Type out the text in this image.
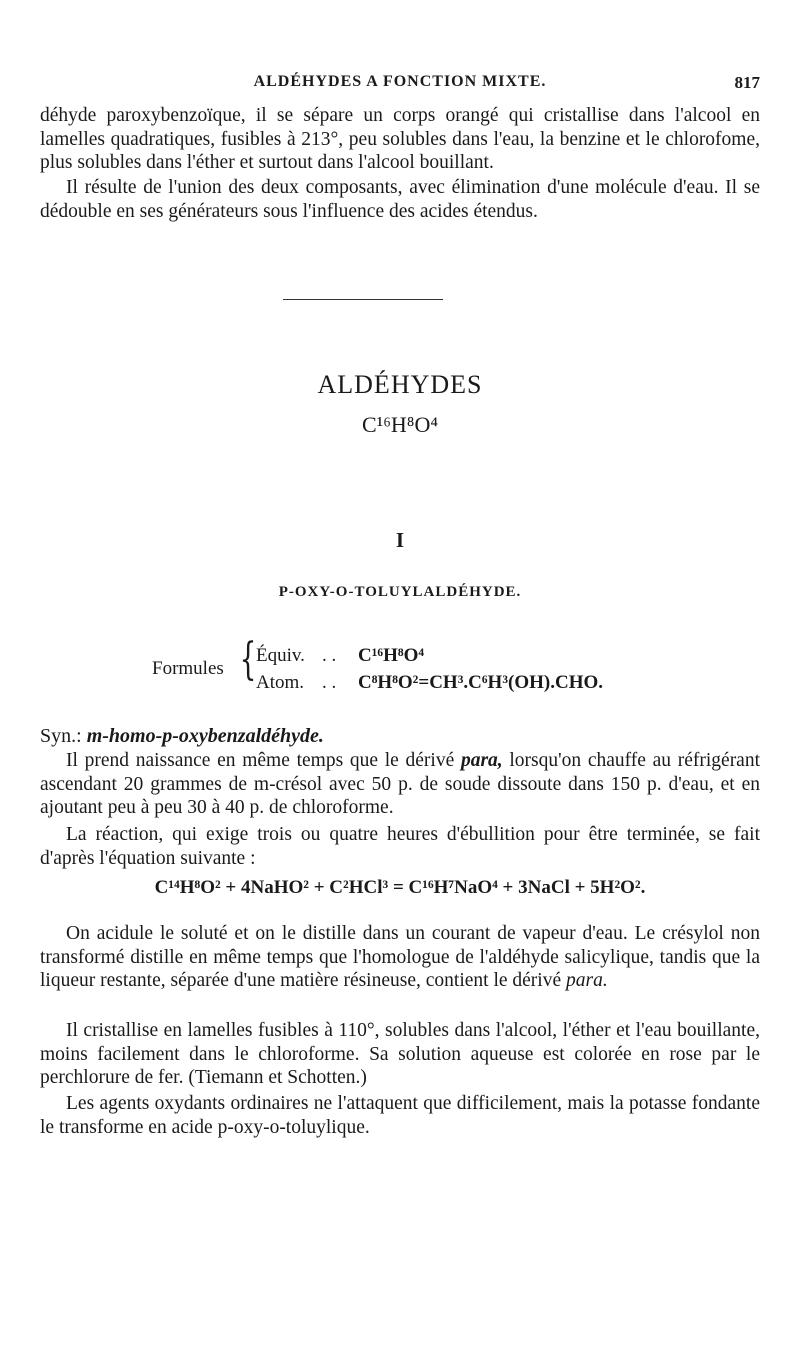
ALDÉHYDES A FONCTION MIXTE.	817

déhyde paroxybenzoïque, il se sépare un corps orangé qui cristallise dans l'alcool en lamelles quadratiques, fusibles à 213°, peu solubles dans l'eau, la benzine et le chlorofome, plus solubles dans l'éther et surtout dans l'alcool bouillant.

Il résulte de l'union des deux composants, avec élimination d'une molécule d'eau. Il se dédouble en ses générateurs sous l'influence des acides étendus.

ALDÉHYDES
C¹⁶H⁸O⁴
I
P-OXY-O-TOLUYLALDÉHYDE.
Formules { Équiv. . . C¹⁶H⁸O⁴
Atom. . . C⁸H⁸O²=CH³.C⁶H³(OH).CHO.
Syn.: m-homo-p-oxybenzaldéhyde.

Il prend naissance en même temps que le dérivé para, lorsqu'on chauffe au réfrigérant ascendant 20 grammes de m-crésol avec 50 p. de soude dissoute dans 150 p. d'eau, et en ajoutant peu à peu 30 à 40 p. de chloroforme.

La réaction, qui exige trois ou quatre heures d'ébullition pour être terminée, se fait d'après l'équation suivante :

C¹⁴H⁸O² + 4NaHO² + C²HCl³ = C¹⁶H⁷NaO⁴ + 3NaCl + 5H²O².

On acidule le soluté et on le distille dans un courant de vapeur d'eau. Le crésylol non transformé distille en même temps que l'homologue de l'aldéhyde salicylique, tandis que la liqueur restante, séparée d'une matière résineuse, contient le dérivé para.

Il cristallise en lamelles fusibles à 110°, solubles dans l'alcool, l'éther et l'eau bouillante, moins facilement dans le chloroforme. Sa solution aqueuse est colorée en rose par le perchlorure de fer. (Tiemann et Schotten.)

Les agents oxydants ordinaires ne l'attaquent que difficilement, mais la potasse fondante le transforme en acide p-oxy-o-toluylique.
